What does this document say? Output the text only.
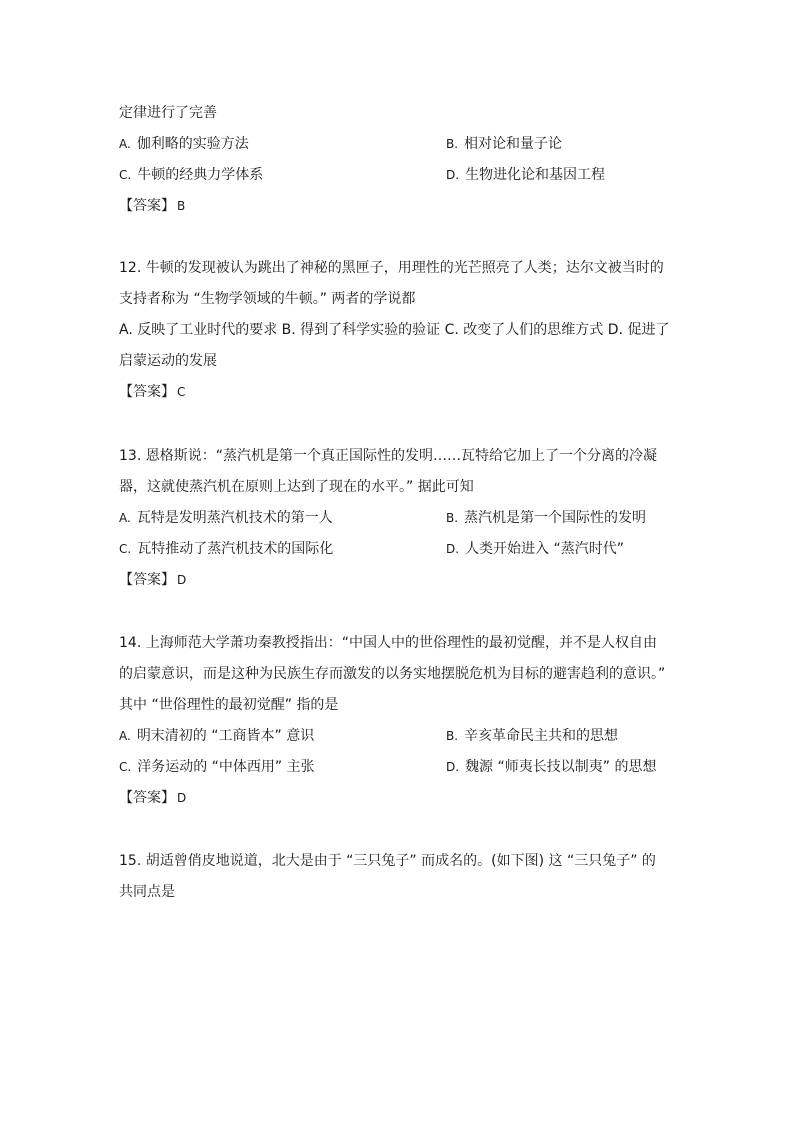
定律进行了完善
A. 伽利略的实验方法	B. 相对论和量子论
C. 牛顿的经典力学体系	D. 生物进化论和基因工程
【答案】 B
12. 牛顿的发现被认为跳出了神秘的黑匣子，用理性的光芒照亮了人类；达尔文被当时的
支持者称为 “生物学领域的牛顿。” 两者的学说都
A. 反映了工业时代的要求 B. 得到了科学实验的验证 C. 改变了人们的思维方式 D. 促进了
启蒙运动的发展
【答案】 C
13. 恩格斯说：“蒸汽机是第一个真正国际性的发明……瓦特给它加上了一个分离的冷凝
器，这就使蒸汽机在原则上达到了现在的水平。” 据此可知
A. 瓦特是发明蒸汽机技术的第一人	B. 蒸汽机是第一个国际性的发明
C. 瓦特推动了蒸汽机技术的国际化	D. 人类开始进入 “蒸汽时代”
【答案】 D
14. 上海师范大学萧功秦教授指出：“中国人中的世俗理性的最初觉醒，并不是人权自由
的启蒙意识，而是这种为民族生存而激发的以务实地摆脱危机为目标的避害趋利的意识。”
其中 “世俗理性的最初觉醒” 指的是
A. 明末清初的 “工商皆本” 意识	B. 辛亥革命民主共和的思想
C. 洋务运动的 “中体西用” 主张	D. 魏源 “师夷长技以制夷” 的思想
【答案】 D
15. 胡适曾俏皮地说道，北大是由于 “三只兔子” 而成名的。(如下图) 这 “三只兔子” 的
共同点是
